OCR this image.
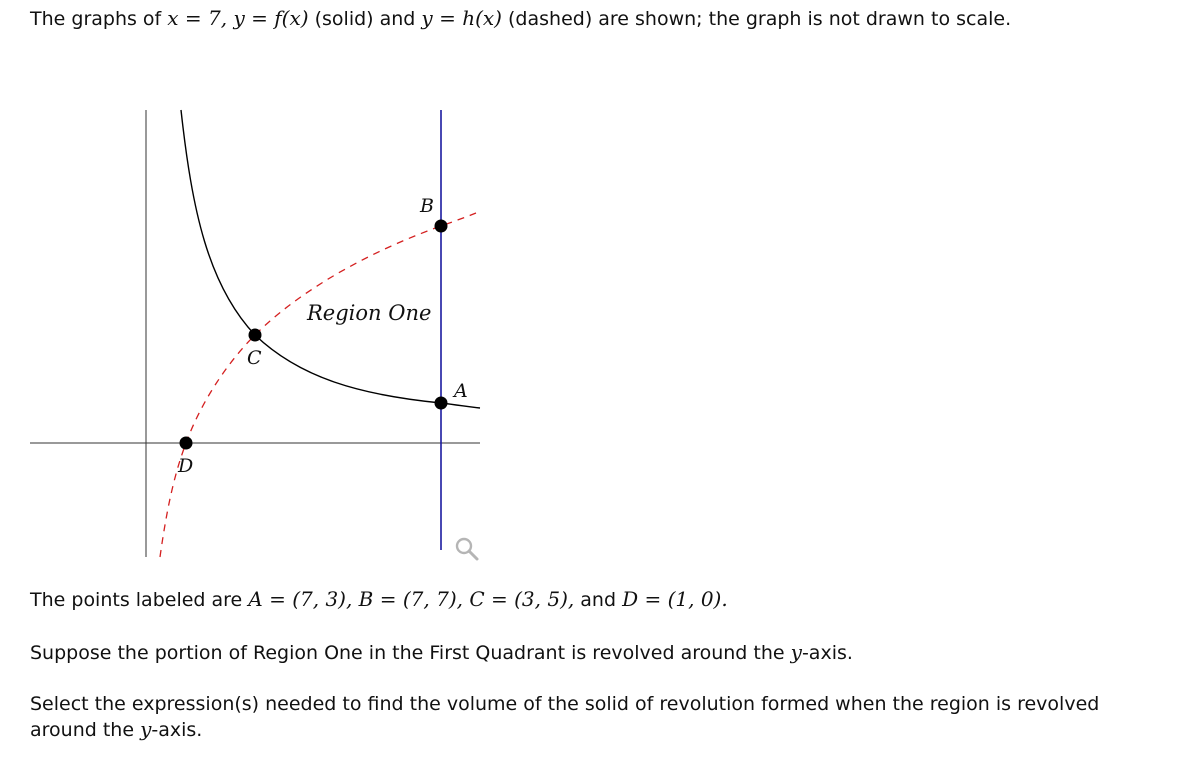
The graphs of x = 7, y = f(x) (solid) and y = h(x) (dashed) are shown; the graph is not drawn to scale.
A
B
C
D
Region One
The points labeled are A = (7, 3), B = (7, 7), C = (3, 5), and D = (1, 0).
Suppose the portion of Region One in the First Quadrant is revolved around the y-axis.
Select the expression(s) needed to find the volume of the solid of revolution formed when the region is revolved around the y-axis.
